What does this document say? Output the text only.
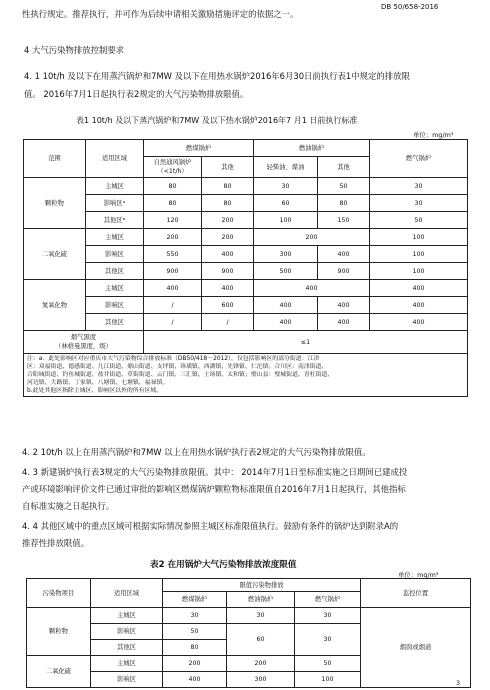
性执行规定。推荐执行，并可作为后续申请相关激励措施评定的依据之一。
DB 50/658-2016
4 大气污染物排放控制要求
4. 1 10t/h 及以下在用蒸汽锅炉和7MW 及以下在用热水锅炉2016年6月30日前执行表1中规定的排放限
值。 2016年7月1日起执行表2规定的大气污染物排放限值。
表1 10t/h 及以下蒸汽锅炉和7MW 及以下热水锅炉2016年7 月1 日前执行标准
单位：mg/m³
范围	适用区域	燃煤锅炉		燃油锅炉		燃气锅炉
		自然通风锅炉（<1t/h）	其他	轻柴油、煤油	其他	
颗粒物	主城区	80	80	30	50	30
	影响区ᵃ	80	80	60	80	30
	其他区ᵇ	120	200	100	150	50
二氧化硫	主城区	200	200	200		100
	影响区	550	400	300	400	100
	其他区	900	900	500	900	100
氮氧化物	主城区	400	400	400		400
	影响区	/	600	400	400	400
	其他区	/	/	400	400	400

烟气黑度
（林格曼黑度，级）		≤1				

注：a．此处影响区对应重庆市大气污染物综合排放标准（DB50/418－2012），仅包括影响区的部分街道：江津
区：双福街道、德感街道、几江街道、鼎山街道、支坪镇、珞璜镇、西湖镇、先锋镇、仁沱镇；合川区：南津街道、
合阳城街道、钓鱼城街道、盐井街道、草街街道、云门镇、三汇镇、土场镇、太和镇；璧山县：璧城街道、青杠街道、
河边镇、大路镇、丁家镇、八塘镇、七塘镇、福禄镇。
b.此处其他区指除主城区、影响区以外的所有区域。						
4. 2 10t/h 以上在用蒸汽锅炉和7MW 以上在用热水锅炉执行表2规定的大气污染物排放限值。
4. 3 新建锅炉执行表3规定的大气污染物排放限值。其中： 2014年7月1日至标准实施之日期间已建成投
产或环境影响评价文件已通过审批的影响区燃煤锅炉颗粒物标准限值自2016年7月1日起执行，其他指标
自标准实施之日起执行。
4. 4 其他区域中的重点区域可根据实际情况参照主城区标准限值执行。鼓励有条件的锅炉达到附录A的
推荐性排放限值。
表2 在用锅炉大气污染物排放浓度限值
单位：mg/m³
污染物项目	适用区域	限值污染物排放			监控位置
		燃煤锅炉	燃油锅炉	燃气锅炉	
颗粒物	主城区	30	30	30	烟囱或烟道
	影响区	50	60	30	
	其他区	80			
二氧化硫	主城区	200	200	50	
	影响区	400	300	100		3
